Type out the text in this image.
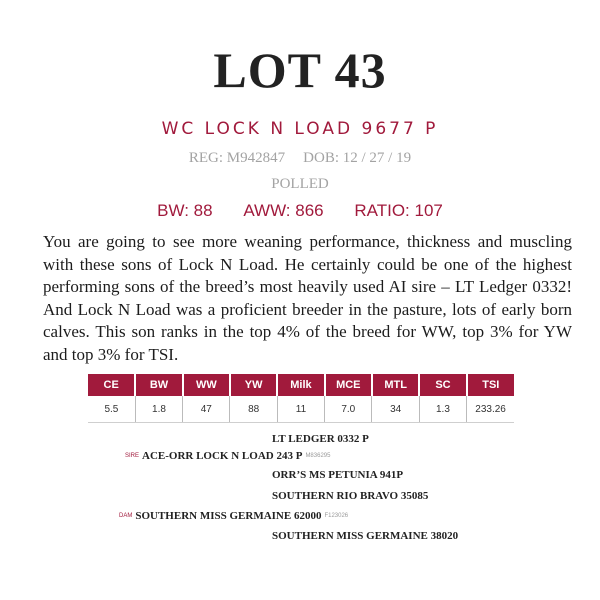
LOT 43
WC LOCK N LOAD 9677 P
REG: M942847 DOB: 12 / 27 / 19
POLLED
BW: 88 AWW: 866 RATIO: 107
You are going to see more weaning performance, thickness and muscling with these sons of Lock N Load. He certainly could be one of the highest performing sons of the breed’s most heavily used AI sire – LT Ledger 0332! And Lock N Load was a proficient breeder in the pasture, lots of early born calves. This son ranks in the top 4% of the breed for WW, top 3% for YW and top 3% for TSI.
CE	BW	WW	YW	Milk	MCE	MTL	SC	TSI
5.5	1.8	47	88	11	7.0	34	1.3	233.26
LT LEDGER 0332 P
SIRE ACE-ORR LOCK N LOAD 243 P M836295
ORR’S MS PETUNIA 941P
SOUTHERN RIO BRAVO 35085
DAM SOUTHERN MISS GERMAINE 62000 F123026
SOUTHERN MISS GERMAINE 38020
